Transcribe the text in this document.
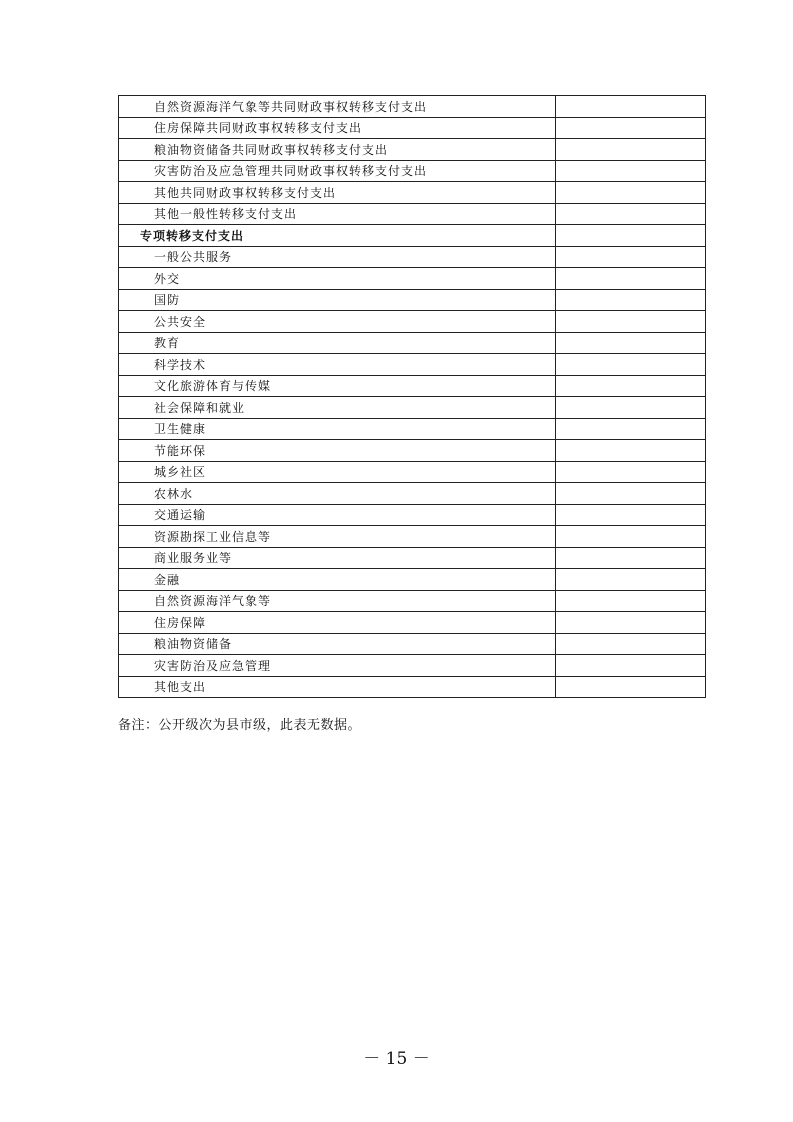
自然资源海洋气象等共同财政事权转移支付支出	
住房保障共同财政事权转移支付支出	
粮油物资储备共同财政事权转移支付支出	
灾害防治及应急管理共同财政事权转移支付支出	
其他共同财政事权转移支付支出	
其他一般性转移支付支出	
专项转移支付支出	
一般公共服务	
外交	
国防	
公共安全	
教育	
科学技术	
文化旅游体育与传媒	
社会保障和就业	
卫生健康	
节能环保	
城乡社区	
农林水	
交通运输	
资源勘探工业信息等	
商业服务业等	
金融	
自然资源海洋气象等	
住房保障	
粮油物资储备	
灾害防治及应急管理	
其他支出	
备注：公开级次为县市级，此表无数据。
－ 15 －
